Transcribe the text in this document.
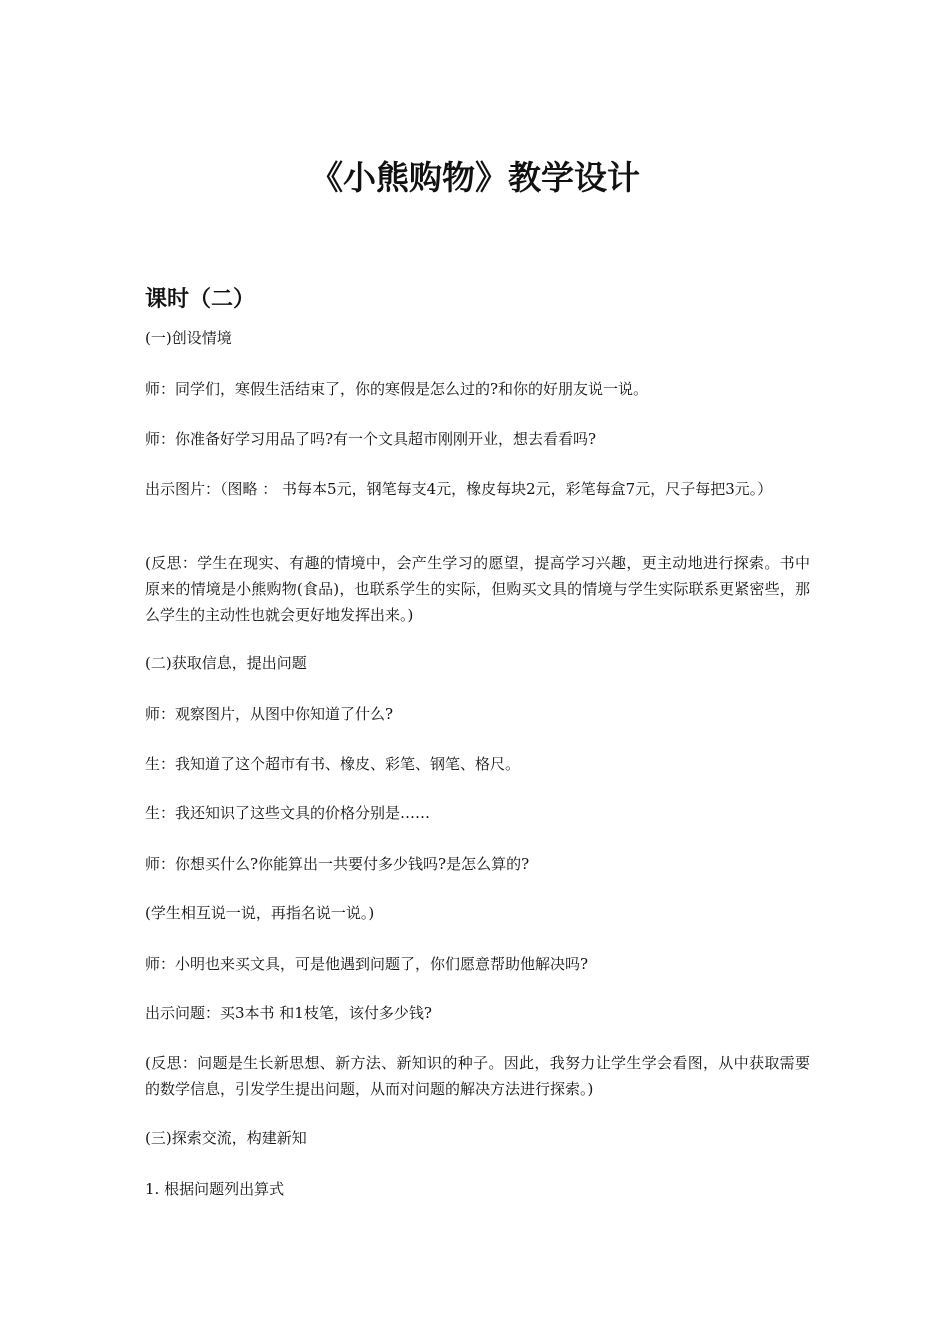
《小熊购物》教学设计
课时（二）

(一)创设情境

师：同学们，寒假生活结束了，你的寒假是怎么过的?和你的好朋友说一说。

师：你准备好学习用品了吗?有一个文具超市刚刚开业，想去看看吗?

出示图片：（图略 ： 书每本5元，钢笔每支4元，橡皮每块2元，彩笔每盒7元，尺子每把3元。）

(反思：学生在现实、有趣的情境中，会产生学习的愿望，提高学习兴趣，更主动地进行探索。书中原来的情境是小熊购物(食品)，也联系学生的实际，但购买文具的情境与学生实际联系更紧密些，那么学生的主动性也就会更好地发挥出来。)

(二)获取信息，提出问题

师：观察图片，从图中你知道了什么?

生：我知道了这个超市有书、橡皮、彩笔、钢笔、格尺。

生：我还知识了这些文具的价格分别是……

师：你想买什么?你能算出一共要付多少钱吗?是怎么算的?

(学生相互说一说，再指名说一说。)

师：小明也来买文具，可是他遇到问题了，你们愿意帮助他解决吗?

出示问题：买3本书 和1枝笔，该付多少钱?

(反思：问题是生长新思想、新方法、新知识的种子。因此，我努力让学生学会看图，从中获取需要的数学信息，引发学生提出问题，从而对问题的解决方法进行探索。)

(三)探索交流，构建新知

1. 根据问题列出算式
